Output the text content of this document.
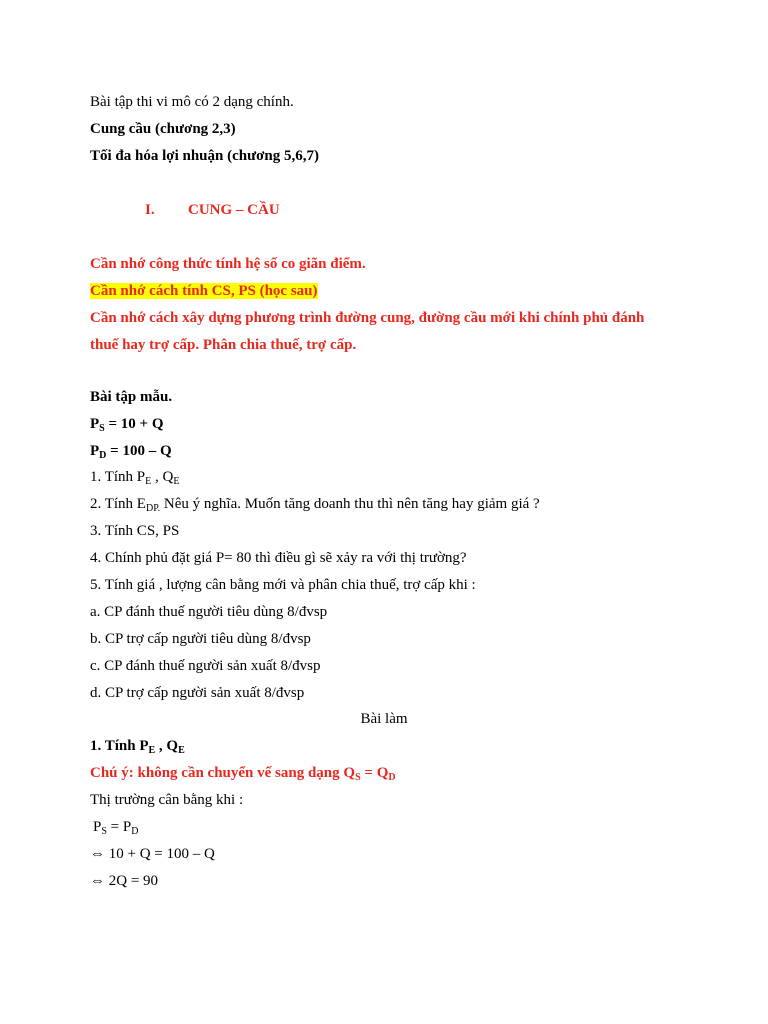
Bài tập thi vi mô có 2 dạng chính.
Cung cầu (chương 2,3)
Tối đa hóa lợi nhuận (chương 5,6,7)
I. CUNG – CẦU
Cần nhớ công thức tính hệ số co giãn điểm.
Cần nhớ cách tính CS, PS (học sau)
Cần nhớ cách xây dựng phương trình đường cung, đường cầu mới khi chính phủ đánh
thuế hay trợ cấp. Phân chia thuế, trợ cấp.
Bài tập mẫu.
$P_S = 10 + Q$
$P_D = 100 - Q$
1. Tính $P_E$ , $Q_E$
2. Tính $E_{DP.}$ Nêu ý nghĩa. Muốn tăng doanh thu thì nên tăng hay giảm giá ?
3. Tính CS, PS
4. Chính phủ đặt giá P= 80 thì điều gì sẽ xảy ra với thị trường?
5. Tính giá , lượng cân bằng mới và phân chia thuế, trợ cấp khi :
a. CP đánh thuế người tiêu dùng 8/đvsp
b. CP trợ cấp người tiêu dùng 8/đvsp
c. CP đánh thuế người sản xuất 8/đvsp
d. CP trợ cấp người sản xuất 8/đvsp
Bài làm
1. Tính $P_E$ , $Q_E$
Chú ý: không cần chuyển vế sang dạng $Q_S = Q_D$
Thị trường cân bằng khi :
$P_S = P_D$
⇔ 10 + Q = 100 – Q
⇔ 2Q = 90
